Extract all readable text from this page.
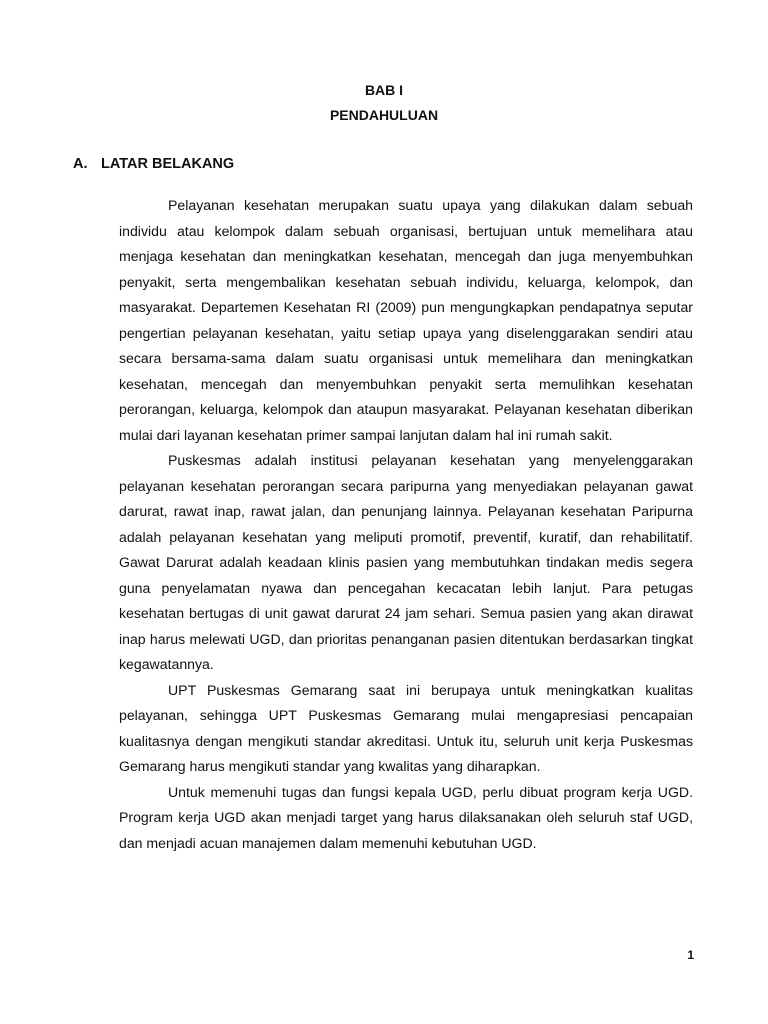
BAB I
PENDAHULUAN
A. LATAR BELAKANG

Pelayanan kesehatan merupakan suatu upaya yang dilakukan dalam sebuah individu atau kelompok dalam sebuah organisasi, bertujuan untuk memelihara atau menjaga kesehatan dan meningkatkan kesehatan, mencegah dan juga menyembuhkan penyakit, serta mengembalikan kesehatan sebuah individu, keluarga, kelompok, dan masyarakat. Departemen Kesehatan RI (2009) pun mengungkapkan pendapatnya seputar pengertian pelayanan kesehatan, yaitu setiap upaya yang diselenggarakan sendiri atau secara bersama-sama dalam suatu organisasi untuk memelihara dan meningkatkan kesehatan, mencegah dan menyembuhkan penyakit serta memulihkan kesehatan perorangan, keluarga, kelompok dan ataupun masyarakat. Pelayanan kesehatan diberikan mulai dari layanan kesehatan primer sampai lanjutan dalam hal ini rumah sakit.

Puskesmas adalah institusi pelayanan kesehatan yang menyelenggarakan pelayanan kesehatan perorangan secara paripurna yang menyediakan pelayanan gawat darurat, rawat inap, rawat jalan, dan penunjang lainnya. Pelayanan kesehatan Paripurna adalah pelayanan kesehatan yang meliputi promotif, preventif, kuratif, dan rehabilitatif. Gawat Darurat adalah keadaan klinis pasien yang membutuhkan tindakan medis segera guna penyelamatan nyawa dan pencegahan kecacatan lebih lanjut. Para petugas kesehatan bertugas di unit gawat darurat 24 jam sehari. Semua pasien yang akan dirawat inap harus melewati UGD, dan prioritas penanganan pasien ditentukan berdasarkan tingkat kegawatannya.

UPT Puskesmas Gemarang saat ini berupaya untuk meningkatkan kualitas pelayanan, sehingga UPT Puskesmas Gemarang mulai mengapresiasi pencapaian kualitasnya dengan mengikuti standar akreditasi. Untuk itu, seluruh unit kerja Puskesmas Gemarang harus mengikuti standar yang kwalitas yang diharapkan.

Untuk memenuhi tugas dan fungsi kepala UGD, perlu dibuat program kerja UGD. Program kerja UGD akan menjadi target yang harus dilaksanakan oleh seluruh staf UGD, dan menjadi acuan manajemen dalam memenuhi kebutuhan UGD.

1
